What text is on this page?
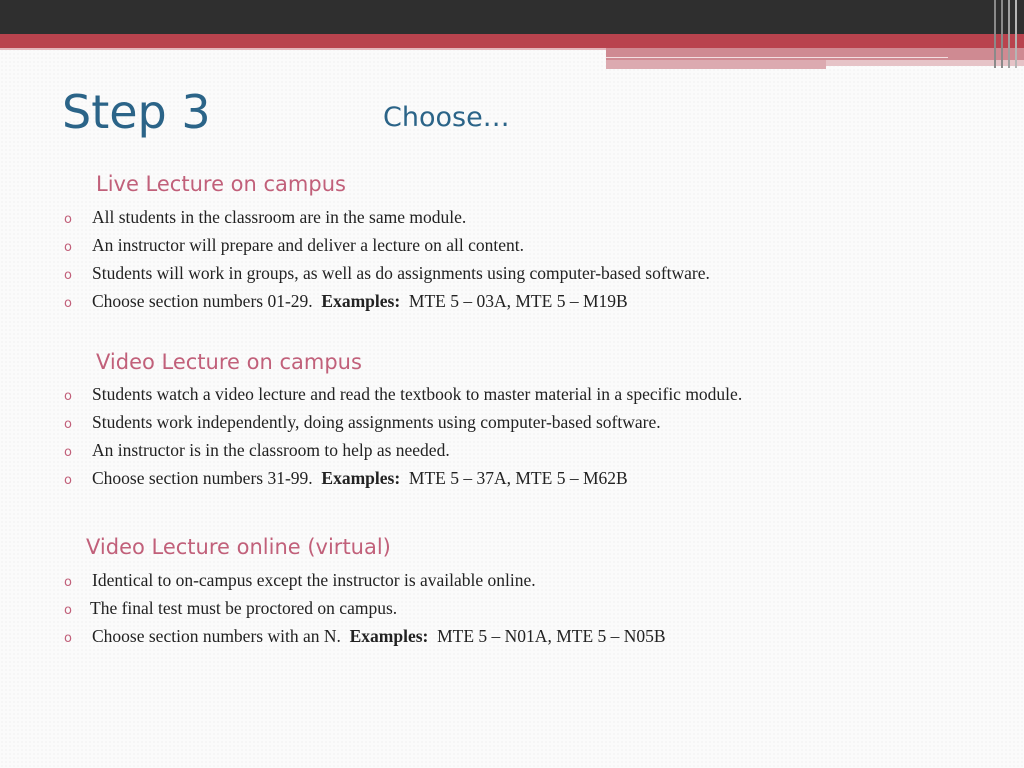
Step 3	Choose…
Live Lecture on campus
o All students in the classroom are in the same module.
o An instructor will prepare and deliver a lecture on all content.
o Students will work in groups, as well as do assignments using computer-based software.
o Choose section numbers 01-29. Examples: MTE 5 – 03A, MTE 5 – M19B
Video Lecture on campus
o Students watch a video lecture and read the textbook to master material in a specific module.
o Students work independently, doing assignments using computer-based software.
o An instructor is in the classroom to help as needed.
o Choose section numbers 31-99. Examples: MTE 5 – 37A, MTE 5 – M62B
Video Lecture online (virtual)
o Identical to on-campus except the instructor is available online.
o The final test must be proctored on campus.
o Choose section numbers with an N. Examples: MTE 5 – N01A, MTE 5 – N05B
